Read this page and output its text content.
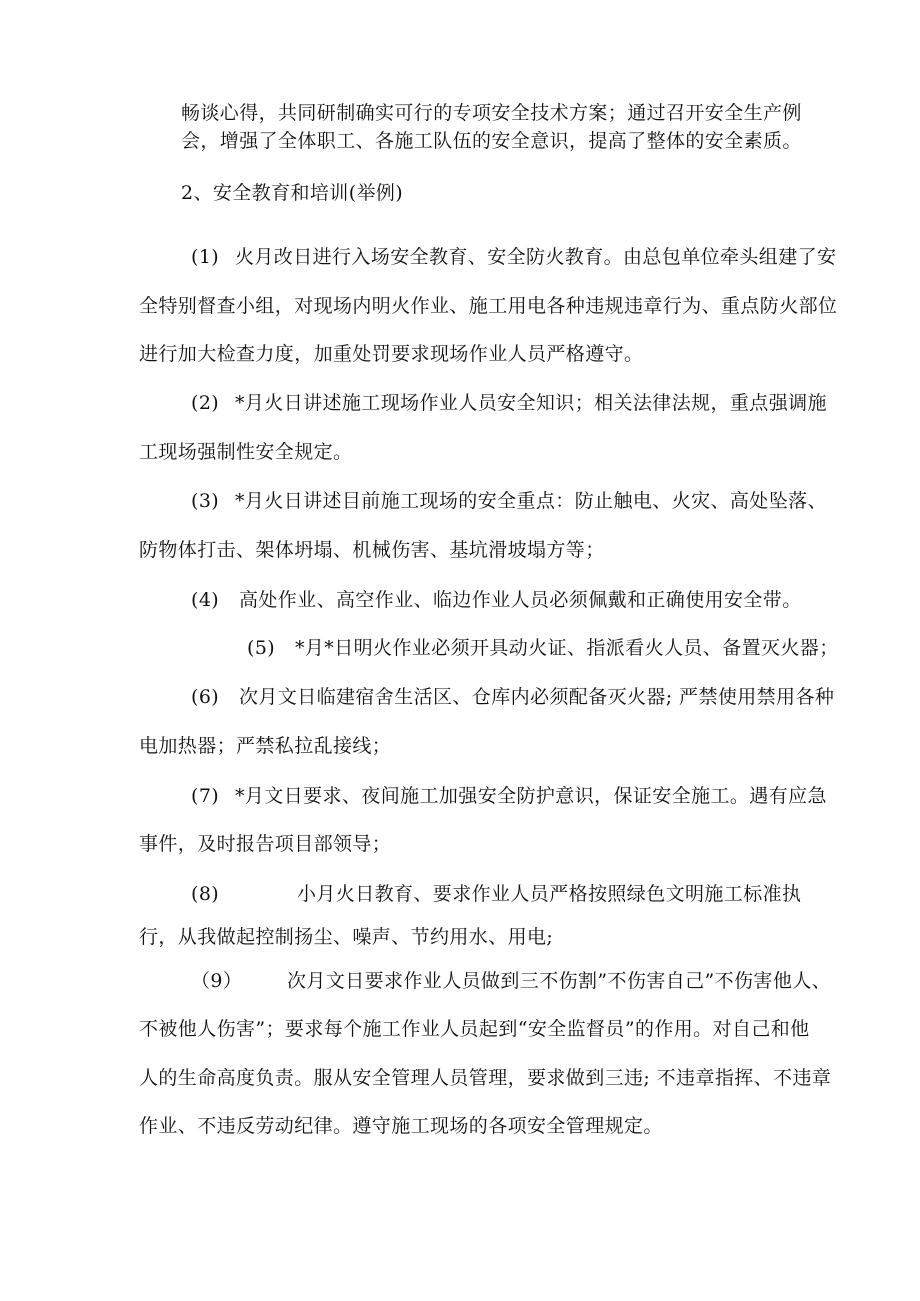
畅谈心得，共同研制确实可行的专项安全技术方案；通过召开安全生产例
会，增强了全体职工、各施工队伍的安全意识，提高了整体的安全素质。
2、安全教育和培训(举例)
(1) 火月改日进行入场安全教育、安全防火教育。由总包单位牵头组建了安
全特别督查小组，对现场内明火作业、施工用电各种违规违章行为、重点防火部位
进行加大检查力度，加重处罚要求现场作业人员严格遵守。
(2) *月火日讲述施工现场作业人员安全知识；相关法律法规，重点强调施
工现场强制性安全规定。
(3) *月火日讲述目前施工现场的安全重点：防止触电、火灾、高处坠落、
防物体打击、架体坍塌、机械伤害、基坑滑坡塌方等；
(4) 高处作业、高空作业、临边作业人员必须佩戴和正确使用安全带。
(5) *月*日明火作业必须开具动火证、指派看火人员、备置灭火器；
(6) 次月文日临建宿舍生活区、仓库内必须配备灭火器; 严禁使用禁用各种
电加热器；严禁私拉乱接线；
(7) *月文日要求、夜间施工加强安全防护意识，保证安全施工。遇有应急
事件，及时报告项目部领导；
(8)	小月火日教育、要求作业人员严格按照绿色文明施工标准执
行，从我做起控制扬尘、噪声、节约用水、用电;
（9） 次月文日要求作业人员做到三不伤割”不伤害自己”不伤害他人、
不被他人伤害”；要求每个施工作业人员起到“安全监督员”的作用。对自己和他
人的生命高度负责。服从安全管理人员管理，要求做到三违; 不违章指挥、不违章
作业、不违反劳动纪律。遵守施工现场的各项安全管理规定。
